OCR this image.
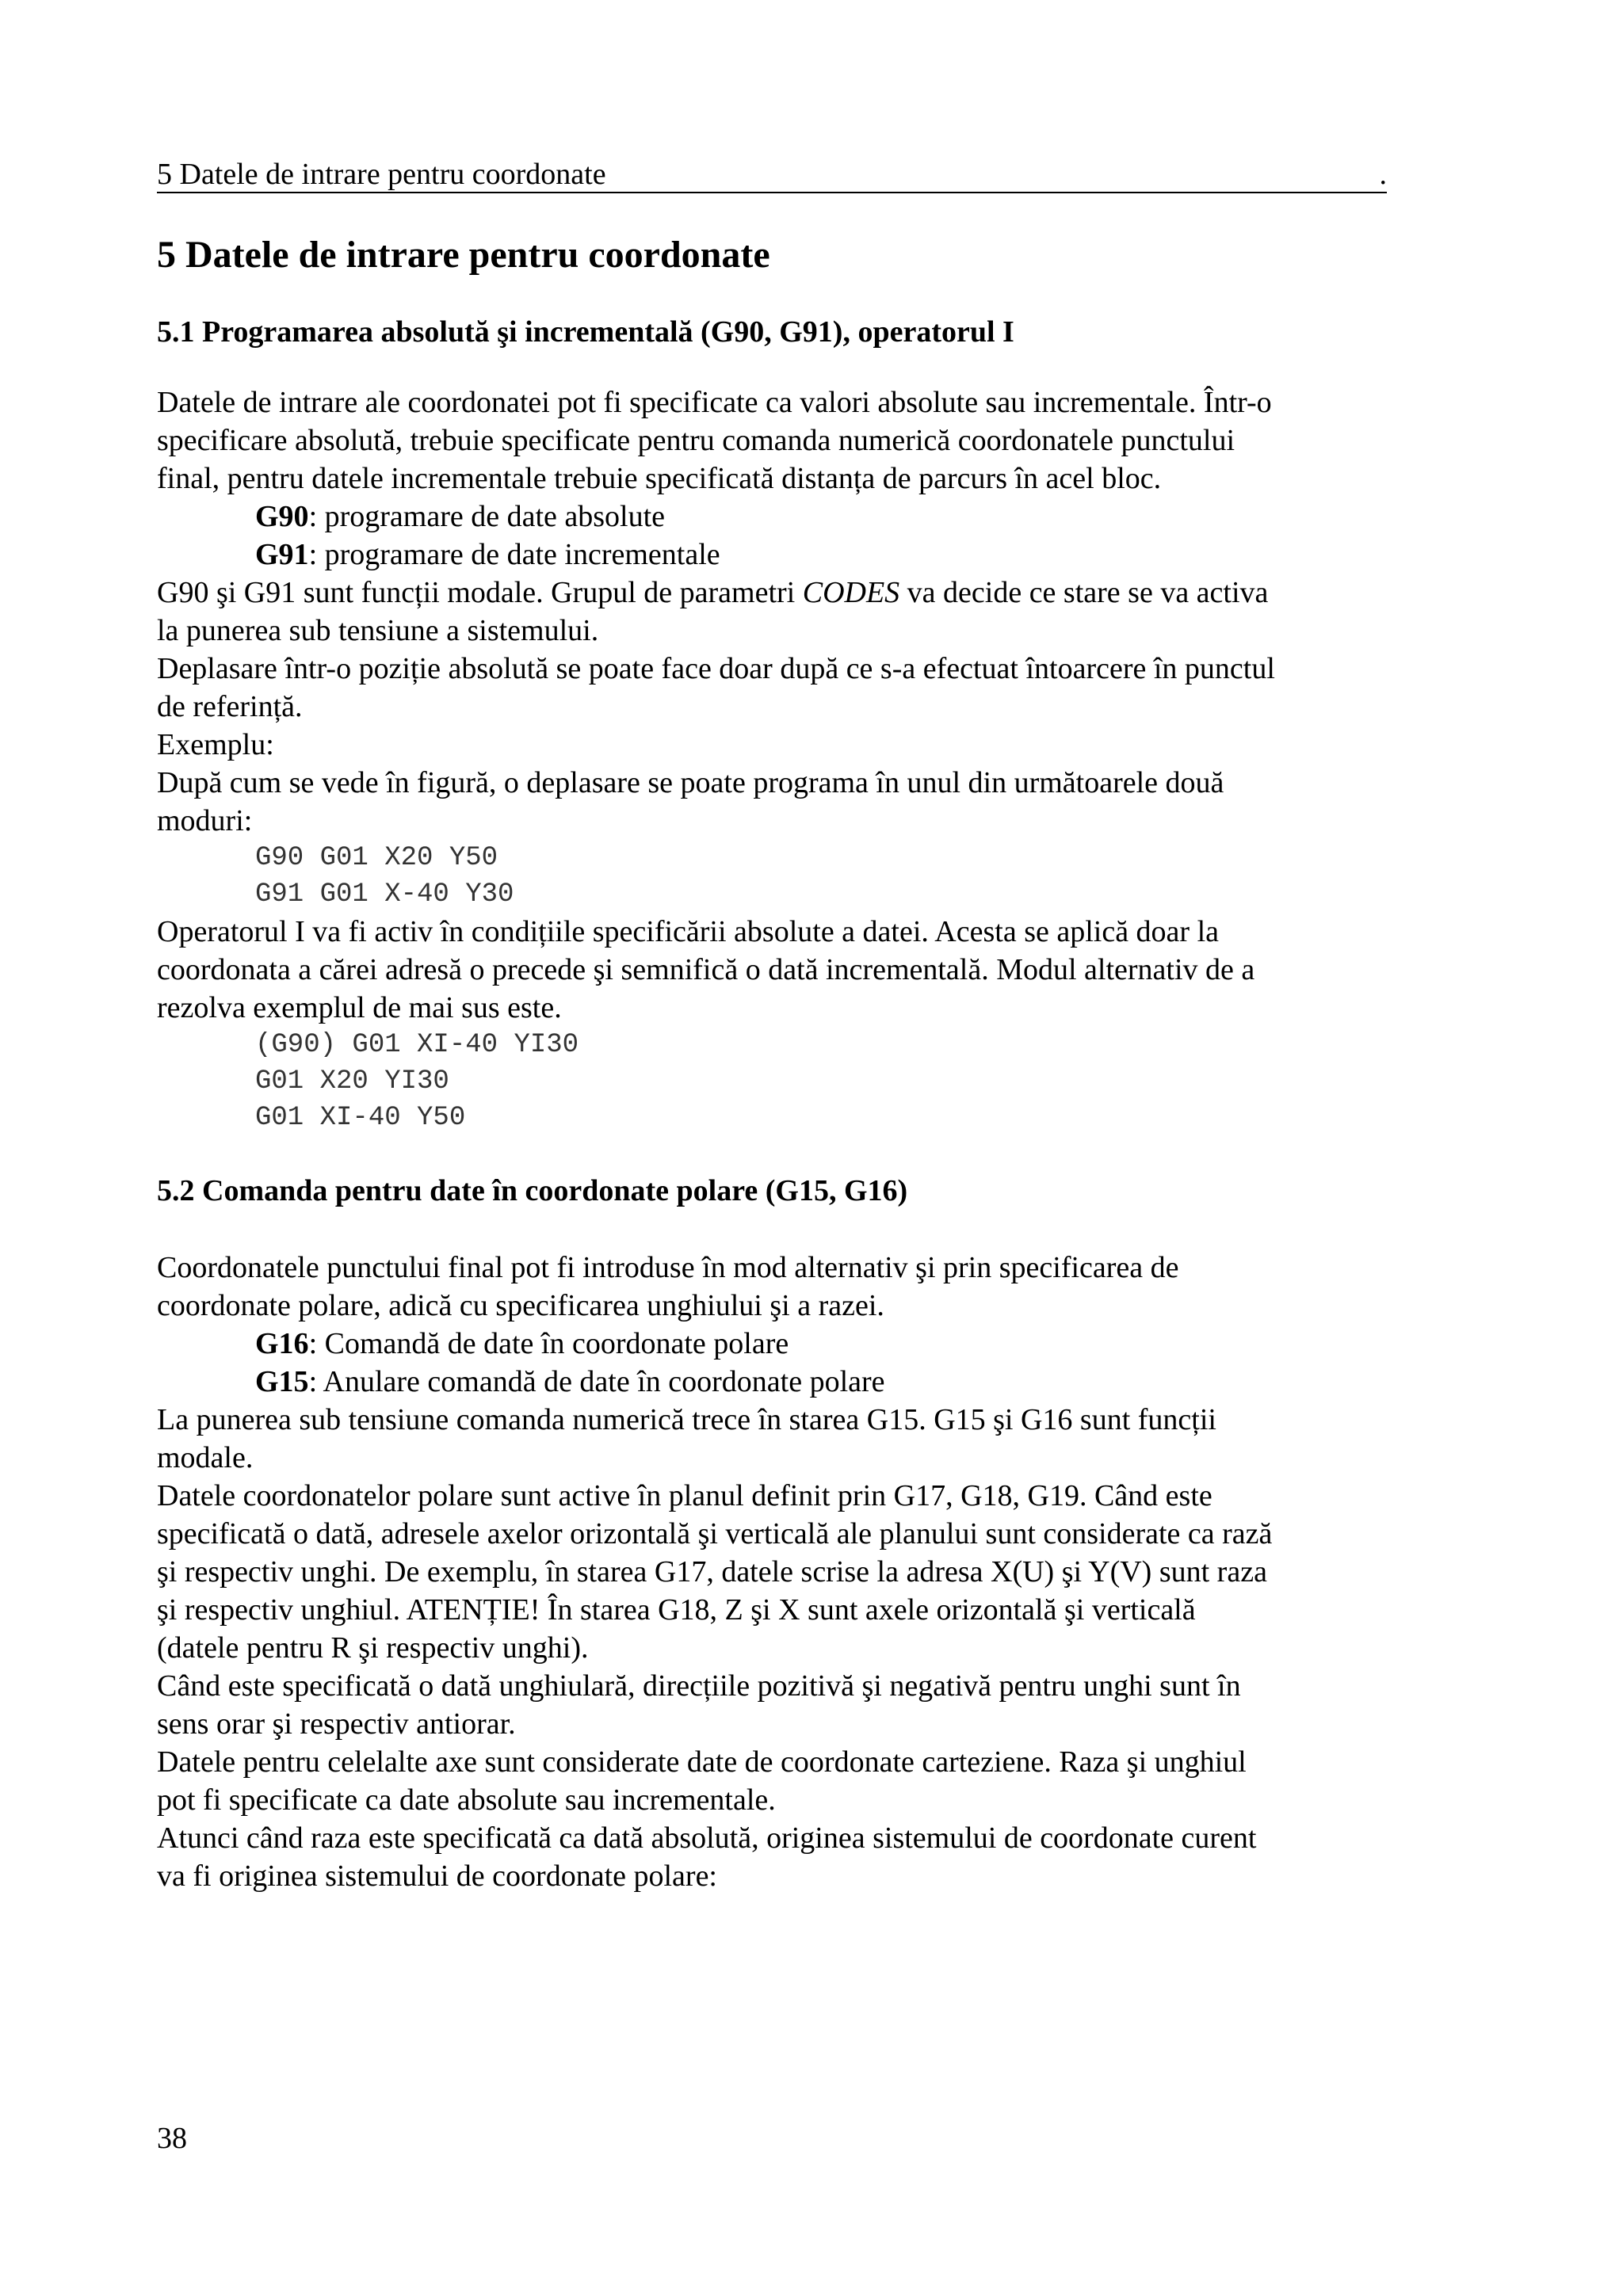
5 Datele de intrare pentru coordonate	.
5 Datele de intrare pentru coordonate
5.1 Programarea absolută şi incrementală (G90, G91), operatorul I

Datele de intrare ale coordonatei pot fi specificate ca valori absolute sau incrementale. Într-o

specificare absolută, trebuie specificate pentru comanda numerică coordonatele punctului

final, pentru datele incrementale trebuie specificată distanța de parcurs în acel bloc.

G90: programare de date absolute

G91: programare de date incrementale

G90 şi G91 sunt funcții modale. Grupul de parametri CODES va decide ce stare se va activa

la punerea sub tensiune a sistemului.

Deplasare într-o poziție absolută se poate face doar după ce s-a efectuat întoarcere în punctul

de referință.

Exemplu:

După cum se vede în figură, o deplasare se poate programa în unul din următoarele două

moduri:

G90 G01 X20 Y50

G91 G01 X-40 Y30

Operatorul I va fi activ în condițiile specificării absolute a datei. Acesta se aplică doar la

coordonata a cărei adresă o precede şi semnifică o dată incrementală. Modul alternativ de a

rezolva exemplul de mai sus este.

(G90) G01 XI-40 YI30

G01 X20 YI30

G01 XI-40 Y50

5.2 Comanda pentru date în coordonate polare (G15, G16)

Coordonatele punctului final pot fi introduse în mod alternativ şi prin specificarea de

coordonate polare, adică cu specificarea unghiului şi a razei.

G16: Comandă de date în coordonate polare

G15: Anulare comandă de date în coordonate polare

La punerea sub tensiune comanda numerică trece în starea G15. G15 şi G16 sunt funcții

modale.

Datele coordonatelor polare sunt active în planul definit prin G17, G18, G19. Când este

specificată o dată, adresele axelor orizontală şi verticală ale planului sunt considerate ca rază

şi respectiv unghi. De exemplu, în starea G17, datele scrise la adresa X(U) şi Y(V) sunt raza

şi respectiv unghiul. ATENȚIE! În starea G18, Z şi X sunt axele orizontală şi verticală

(datele pentru R şi respectiv unghi).

Când este specificată o dată unghiulară, direcțiile pozitivă şi negativă pentru unghi sunt în

sens orar şi respectiv antiorar.

Datele pentru celelalte axe sunt considerate date de coordonate carteziene. Raza şi unghiul

pot fi specificate ca date absolute sau incrementale.

Atunci când raza este specificată ca dată absolută, originea sistemului de coordonate curent

va fi originea sistemului de coordonate polare:

38
